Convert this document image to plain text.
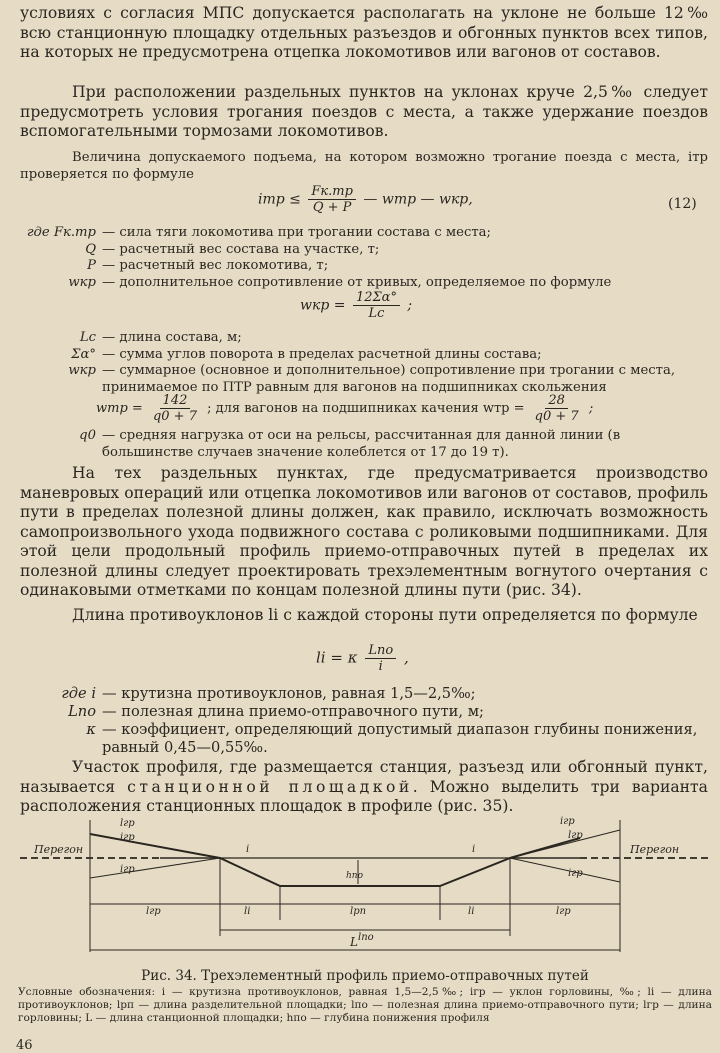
условиях с согласия МПС допускается располагать на уклоне не больше 12‰ всю станционную площадку отдельных разъездов и обгонных пунктов всех типов, на которых не предусмотрена отцепка локомотивов или вагонов от составов.

При расположении раздельных пунктов на уклонах круче 2,5‰ следует предусмотреть условия трогания поездов с места, а также удержание поездов вспомогательными тормозами локомотивов.

Величина допускаемого подъема, на котором возможно трогание поезда с места, iтр проверяется по формуле

iтр ≤ $\frac{Fк.тр}{Q + P}$ — wтр — wкр,	(12)
где Fк.тр — сила тяги локомотива при трогании состава с места;
Q — расчетный вес состава на участке, т;
P — расчетный вес локомотива, т;
wкр — дополнительное сопротивление от кривых, определяемое по формуле
wкр = $\frac{12\Sigma\alpha^\circ}{Lc}$ ;
Lc — длина состава, м;
Σα° — сумма углов поворота в пределах расчетной длины состава;
wкр — суммарное (основное и дополнительное) сопротивление при трогании с места, принимаемое по ПТР равным для вагонов на подшипниках скольжения
wтр = $\frac{142}{q0 + 7}$ ; для вагонов на подшипниках качения wтр = $\frac{28}{q0 + 7}$ ;
q0 — средняя нагрузка от оси на рельсы, рассчитанная для данной линии (в большинстве случаев значение колеблется от 17 до 19 т).

На тех раздельных пунктах, где предусматривается производство маневровых операций или отцепка локомотивов или вагонов от составов, профиль пути в пределах полезной длины должен, как правило, исключать возможность самопроизвольного ухода подвижного состава с роликовыми подшипниками. Для этой цели продольный профиль приемо-отправочных путей в пределах их полезной длины следует проектировать трехэлементным вогнутого очертания с одинаковыми отметками по концам полезной длины пути (рис. 34).

Длина противоуклонов li с каждой стороны пути определяется по формуле

li = κ $\frac{\text{Lпо}}{i}$ ,
где i — крутизна противоуклонов, равная 1,5—2,5‰;
Lпо — полезная длина приемо-отправочного пути, м;
κ — коэффициент, определяющий допустимый диапазон глубины понижения, равный 0,45—0,55‰.

Участок профиля, где размещается станция, разъезд или обгонный пункт, называется станционной площадкой. Можно выделить три варианта расположения станционных площадок в профиле (рис. 35).

Перегон	Перегон
lгр
iгр
iгр
iгр
lгр
iгр
i	i
hпо
lгр	li	lрп	li	lгр
lпо
L
Рис. 34. Трехэлементный профиль приемо-отправочных путей
Условные обозначения: i — крутизна противоуклонов, равная 1,5—2,5‰; iгр — уклон горловины, ‰; li — длина противоуклонов; lрп — длина разделительной площадки; lпо — полезная длина приемо-отправочного пути; lгр — длина горловины; L — длина станционной площадки; hпо — глубина понижения профиля
46
